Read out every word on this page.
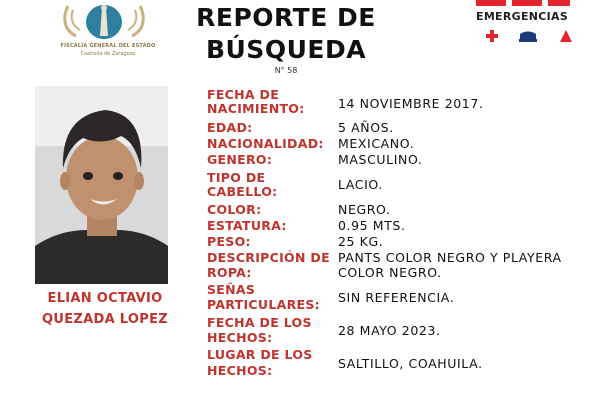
FISCALÍA GENERAL DEL ESTADO
Coahuila de Zaragoza
REPORTE DE
BÚSQUEDA
N° 58
EMERGENCIAS
ELIAN OCTAVIO
QUEZADA LOPEZ
FECHA DE
NACIMIENTO:	14 NOVIEMBRE 2017.
EDAD:	5 AÑOS.
NACIONALIDAD: MEXICANO.
GENERO:	MASCULINO.
TIPO DE
CABELLO:	LACIO.
COLOR:	NEGRO.
ESTATURA:	0.95 MTS.
PESO:	25 KG.
DESCRIPCIÓN DE
ROPA:
PANTS COLOR NEGRO Y PLAYERA
COLOR NEGRO.
SEÑAS
PARTICULARES: SIN REFERENCIA.
FECHA DE LOS
HECHOS:	28 MAYO 2023.
LUGAR DE LOS
HECHOS:	SALTILLO, COAHUILA.
